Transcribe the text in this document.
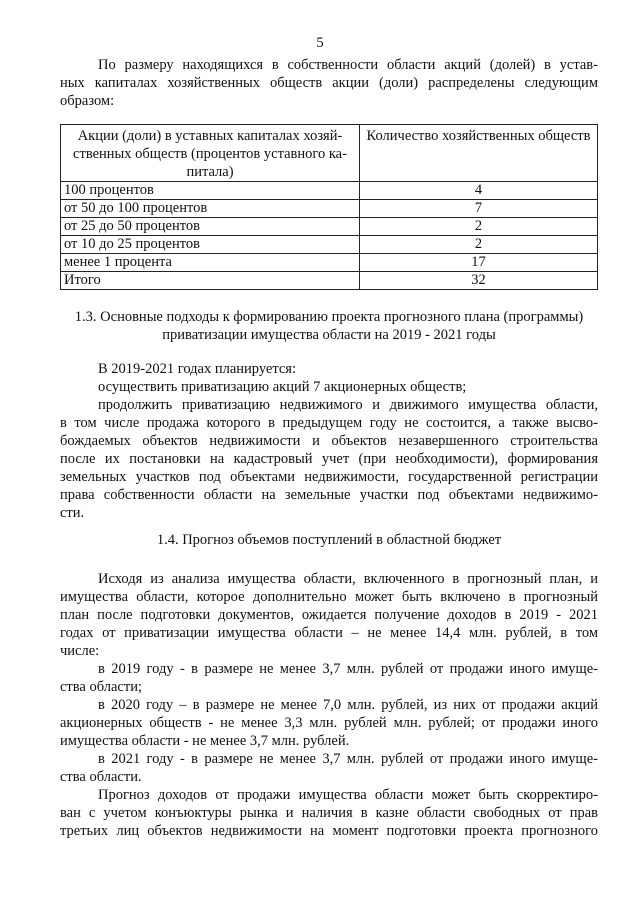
5
По размеру находящихся в собственности области акций (долей) в устав-
ных капиталах хозяйственных обществ акции (доли) распределены следующим
образом:
Акции (доли) в уставных капиталах хозяй-
ственных обществ (процентов уставного ка-
питала)	Количество хозяйственных обществ
100 процентов	4
от 50 до 100 процентов	7
от 25 до 50 процентов	2
от 10 до 25 процентов	2
менее 1 процента	17
Итого	32
1.3. Основные подходы к формированию проекта прогнозного плана (программы)
приватизации имущества области на 2019 - 2021 годы
В 2019-2021 годах планируется:
осуществить приватизацию акций 7 акционерных обществ;
продолжить приватизацию недвижимого и движимого имущества области,
в том числе продажа которого в предыдущем году не состоится, а также высво-
бождаемых объектов недвижимости и объектов незавершенного строительства
после их постановки на кадастровый учет (при необходимости), формирования
земельных участков под объектами недвижимости, государственной регистрации
права собственности области на земельные участки под объектами недвижимо-
сти.
1.4. Прогноз объемов поступлений в областной бюджет
Исходя из анализа имущества области, включенного в прогнозный план, и
имущества области, которое дополнительно может быть включено в прогнозный
план после подготовки документов, ожидается получение доходов в 2019 - 2021
годах от приватизации имущества области – не менее 14,4 млн. рублей, в том
числе:
в 2019 году - в размере не менее 3,7 млн. рублей от продажи иного имуще-
ства области;
в 2020 году – в размере не менее 7,0 млн. рублей, из них от продажи акций
акционерных обществ - не менее 3,3 млн. рублей млн. рублей; от продажи иного
имущества области - не менее 3,7 млн. рублей.
в 2021 году - в размере не менее 3,7 млн. рублей от продажи иного имуще-
ства области.
Прогноз доходов от продажи имущества области может быть скорректиро-
ван с учетом конъюктуры рынка и наличия в казне области свободных от прав
третьих лиц объектов недвижимости на момент подготовки проекта прогнозного
